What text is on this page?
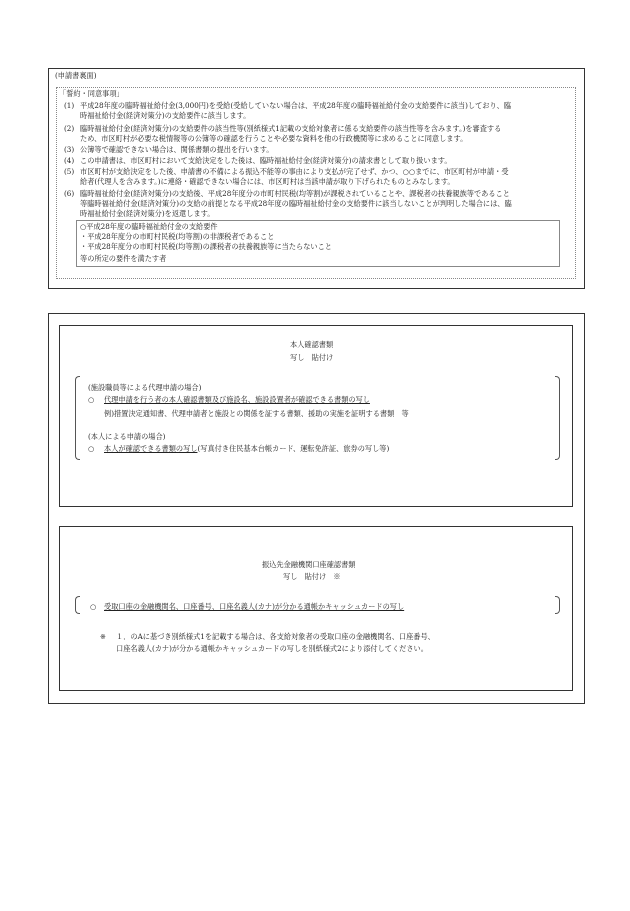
(申請書裏面)
「誓約・同意事項」
(1) 平成28年度の臨時福祉給付金(3,000円)を受給(受給していない場合は、平成28年度の臨時福祉給付金の支給要件に該当)しており、臨
時福祉給付金(経済対策分)の支給要件に該当します。
(2) 臨時福祉給付金(経済対策分)の支給要件の該当性等(別紙様式1記載の支給対象者に係る支給要件の該当性等を含みます。)を審査する
ため、市区町村が必要な税情報等の公簿等の確認を行うことや必要な資料を他の行政機関等に求めることに同意します。
(3) 公簿等で確認できない場合は、関係書類の提出を行います。
(4) この申請書は、市区町村において支給決定をした後は、臨時福祉給付金(経済対策分)の請求書として取り扱います。
(5) 市区町村が支給決定をした後、申請書の不備による振込不能等の事由により支払が完了せず、かつ、○○までに、市区町村が申請・受
給者(代理人を含みます。)に連絡・確認できない場合には、市区町村は当該申請が取り下げられたものとみなします。
(6) 臨時福祉給付金(経済対策分)の支給後、平成28年度分の市町村民税(均等割)が課税されていることや、課税者の扶養親族等であること
等臨時福祉給付金(経済対策分)の支給の前提となる平成28年度の臨時福祉給付金の支給要件に該当しないことが判明した場合には、臨
時福祉給付金(経済対策分)を返還します。
○平成28年度の臨時福祉給付金の支給要件
・平成28年度分の市町村民税(均等割)の非課税者であること
・平成28年度分の市町村民税(均等割)の課税者の扶養親族等に当たらないこと
等の所定の要件を満たす者
本人確認書類
写し　貼付け
(施設職員等による代理申請の場合)
○ 代理申請を行う者の本人確認書類及び施設名、施設設置者が確認できる書類の写し
例)措置決定通知書、代理申請者と施設との関係を証する書類、援助の実施を証明する書類　等
(本人による申請の場合)
○ 本人が確認できる書類の写し(写真付き住民基本台帳カード、運転免許証、旅券の写し等)
振込先金融機関口座確認書類
写し　貼付け　※
○ 受取口座の金融機関名、口座番号、口座名義人(カナ)が分かる通帳かキャッシュカードの写し
※ １．のAに基づき別紙様式1を記載する場合は、各支給対象者の受取口座の金融機関名、口座番号、
口座名義人(カナ)が分かる通帳かキャッシュカードの写しを別紙様式2により添付してください。
